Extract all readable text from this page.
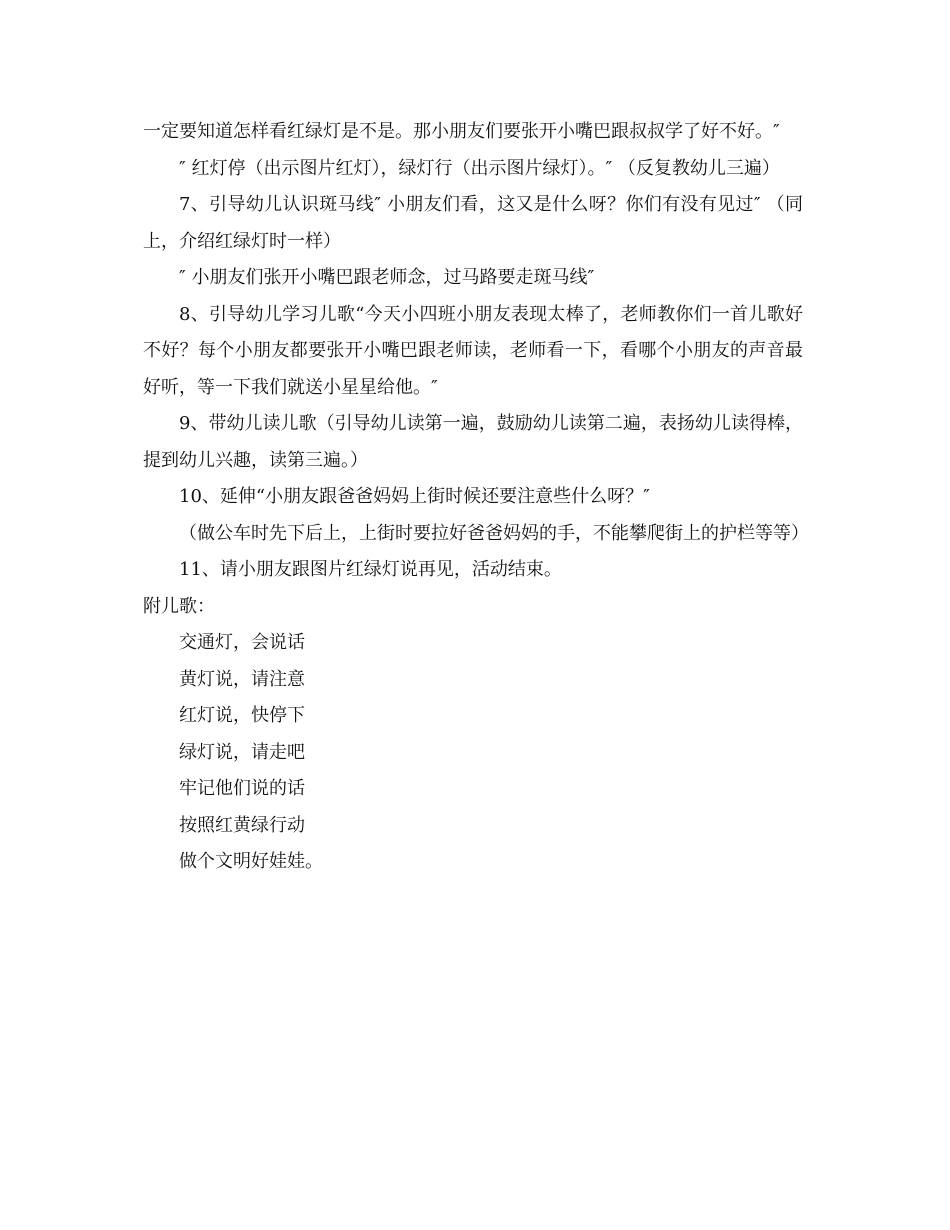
一定要知道怎样看红绿灯是不是。那小朋友们要张开小嘴巴跟叔叔学了好不好。″

″ 红灯停（出示图片红灯），绿灯行（出示图片绿灯）。″ （反复教幼儿三遍）

7、引导幼儿认识斑马线″ 小朋友们看，这又是什么呀？你们有没有见过″ （同上，介绍红绿灯时一样）

″ 小朋友们张开小嘴巴跟老师念，过马路要走斑马线″

8、引导幼儿学习儿歌“今天小四班小朋友表现太棒了，老师教你们一首儿歌好不好？每个小朋友都要张开小嘴巴跟老师读，老师看一下，看哪个小朋友的声音最好听，等一下我们就送小星星给他。″

9、带幼儿读儿歌（引导幼儿读第一遍，鼓励幼儿读第二遍，表扬幼儿读得棒，提到幼儿兴趣，读第三遍。）

10、延伸“小朋友跟爸爸妈妈上街时候还要注意些什么呀？″

（做公车时先下后上，上街时要拉好爸爸妈妈的手，不能攀爬街上的护栏等等）

11、请小朋友跟图片红绿灯说再见，活动结束。

附儿歌：

交通灯，会说话

黄灯说，请注意

红灯说，快停下

绿灯说，请走吧

牢记他们说的话

按照红黄绿行动

做个文明好娃娃。
